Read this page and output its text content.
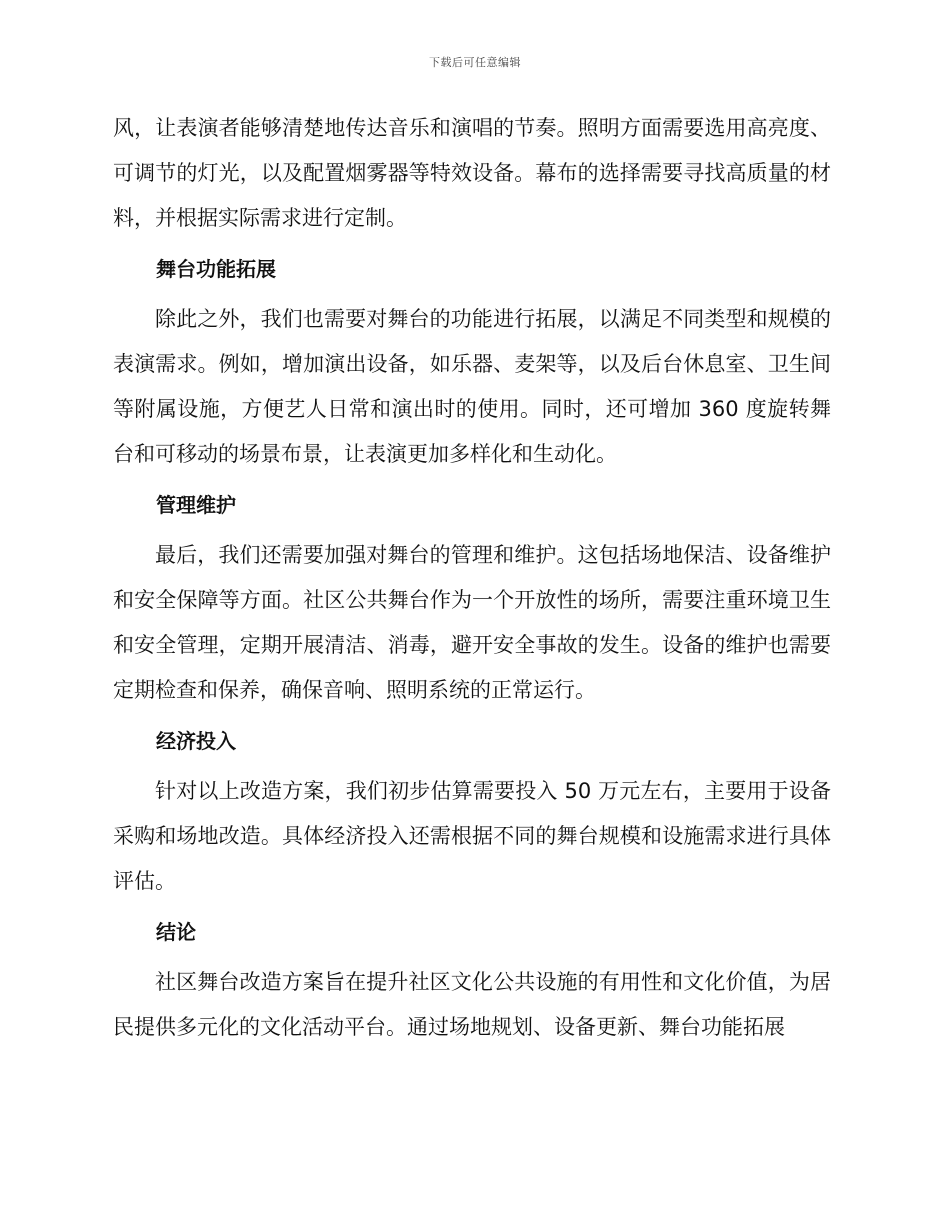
下载后可任意编辑

风，让表演者能够清楚地传达音乐和演唱的节奏。照明方面需要选用高亮度、可调节的灯光，以及配置烟雾器等特效设备。幕布的选择需要寻找高质量的材料，并根据实际需求进行定制。

舞台功能拓展

除此之外，我们也需要对舞台的功能进行拓展，以满足不同类型和规模的表演需求。例如，增加演出设备，如乐器、麦架等，以及后台休息室、卫生间等附属设施，方便艺人日常和演出时的使用。同时，还可增加 360 度旋转舞台和可移动的场景布景，让表演更加多样化和生动化。

管理维护

最后，我们还需要加强对舞台的管理和维护。这包括场地保洁、设备维护和安全保障等方面。社区公共舞台作为一个开放性的场所，需要注重环境卫生和安全管理，定期开展清洁、消毒，避开安全事故的发生。设备的维护也需要定期检查和保养，确保音响、照明系统的正常运行。

经济投入

针对以上改造方案，我们初步估算需要投入 50 万元左右，主要用于设备采购和场地改造。具体经济投入还需根据不同的舞台规模和设施需求进行具体评估。

结论

社区舞台改造方案旨在提升社区文化公共设施的有用性和文化价值，为居民提供多元化的文化活动平台。通过场地规划、设备更新、舞台功能拓展
